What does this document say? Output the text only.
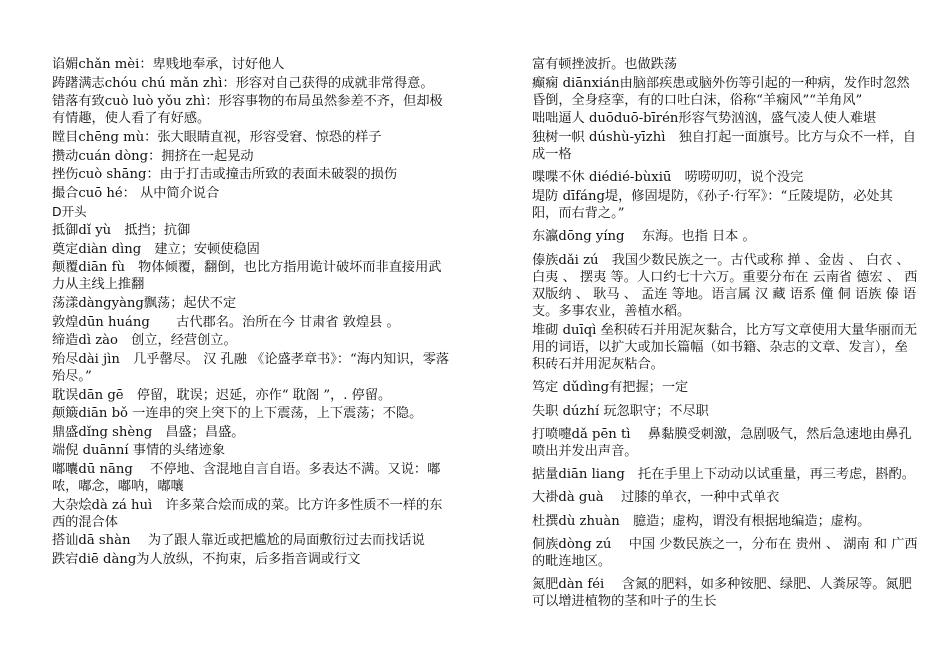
谄媚chǎn mèi：卑贱地奉承，讨好他人
踌躇满志chóu chú mǎn zhì：形容对自己获得的成就非常得意。
错落有致cuò luò yǒu zhì：形容事物的布局虽然参差不齐，但却极有情趣，使人看了有好感。
瞠目chēng mù：张大眼睛直视，形容受窘、惊恐的样子
攒动cuán dòng：拥挤在一起晃动
挫伤cuò shāng：由于打击或撞击所致的表面未破裂的损伤
撮合cuō hé： 从中简介说合
D开头
抵御dǐ yù　抵挡；抗御
奠定diàn dìng　建立；安顿使稳固
颠覆diān fù　物体倾覆，翻倒，也比方指用诡计破坏而非直接用武力从主线上推翻
荡漾dàngyàng飘荡；起伏不定
敦煌dūn huáng　　古代郡名。治所在今 甘肃省 敦煌县 。
缔造dì zào　创立，经营创立。
殆尽dài jìn　几乎罄尽。 汉 孔融 《论盛孝章书》：“海内知识，零落殆尽。”
耽误dān gē　停留，耽误；迟延，亦作“ 耽阁 ”，. 停留。
颠簸diān bǒ 一连串的突上突下的上下震荡，上下震荡；不隐。
鼎盛dǐng shèng　昌盛；昌盛。
端倪 duānní 事情的头绪迹象
嘟囔dū nāng　 不停地、含混地自言自语。多表达不满。又说：嘟哝，嘟念，嘟呐，嘟嚷
大杂烩dà zá huì　许多菜合烩而成的菜。比方许多性质不一样的东西的混合体
搭讪dā shàn　 为了跟人靠近或把尴尬的局面敷衍过去而找话说
跌宕diē dàng为人放纵，不拘束，后多指音调或行文
富有顿挫波折。也做跌荡
癫痫 diānxián由脑部疾患或脑外伤等引起的一种病，发作时忽然昏倒，全身痉挛，有的口吐白沫，俗称“羊痫风”“羊角风”
咄咄逼人 duōduō-bīrén形容气势汹汹，盛气凌人使人难堪
独树一帜 dúshù-yīzhì　独自打起一面旗号。比方与众不一样，自成一格
喋喋不休 diédié-bùxiū　唠唠叨叨，说个没完
堤防 dīfáng堤，修固堤防，《孙子·行军》：“丘陵堤防，必处其阳，而右背之。”
东瀛dōng yíng　 东海。也指 日本 。
傣族dǎi zú　我国少数民族之一。古代或称 掸 、金齿 、 白衣 、 白夷 、 摆夷 等。人口约七十六万。重要分布在 云南省 德宏 、 西双版纳 、 耿马 、 孟连 等地。语言属 汉 藏 语系 僮 侗 语族 傣 语支。多事农业，善植水稻。
堆砌 duīqì 垒积砖石并用泥灰黏合，比方写文章使用大量华丽而无用的词语，以扩大或加长篇幅（如书籍、杂志的文章、发言），垒积砖石并用泥灰粘合。
笃定 dǔdìng有把握；一定
失职 dúzhí 玩忽职守；不尽职
打喷嚏dǎ pēn tì　 鼻黏膜受刺激，急剧吸气，然后急速地由鼻孔喷出并发出声音。
掂量diān liang　托在手里上下动动以试重量，再三考虑，斟酌。
大褂dà guà　 过膝的单衣，一种中式单衣
杜撰dù zhuàn　臆造；虚构，谓没有根据地编造；虚构。
侗族dòng zú　 中国 少数民族之一，分布在 贵州 、 湖南 和 广西 的毗连地区。
氮肥dàn féi　 含氮的肥料，如多种铵肥、绿肥、人粪尿等。氮肥可以增进植物的茎和叶子的生长
